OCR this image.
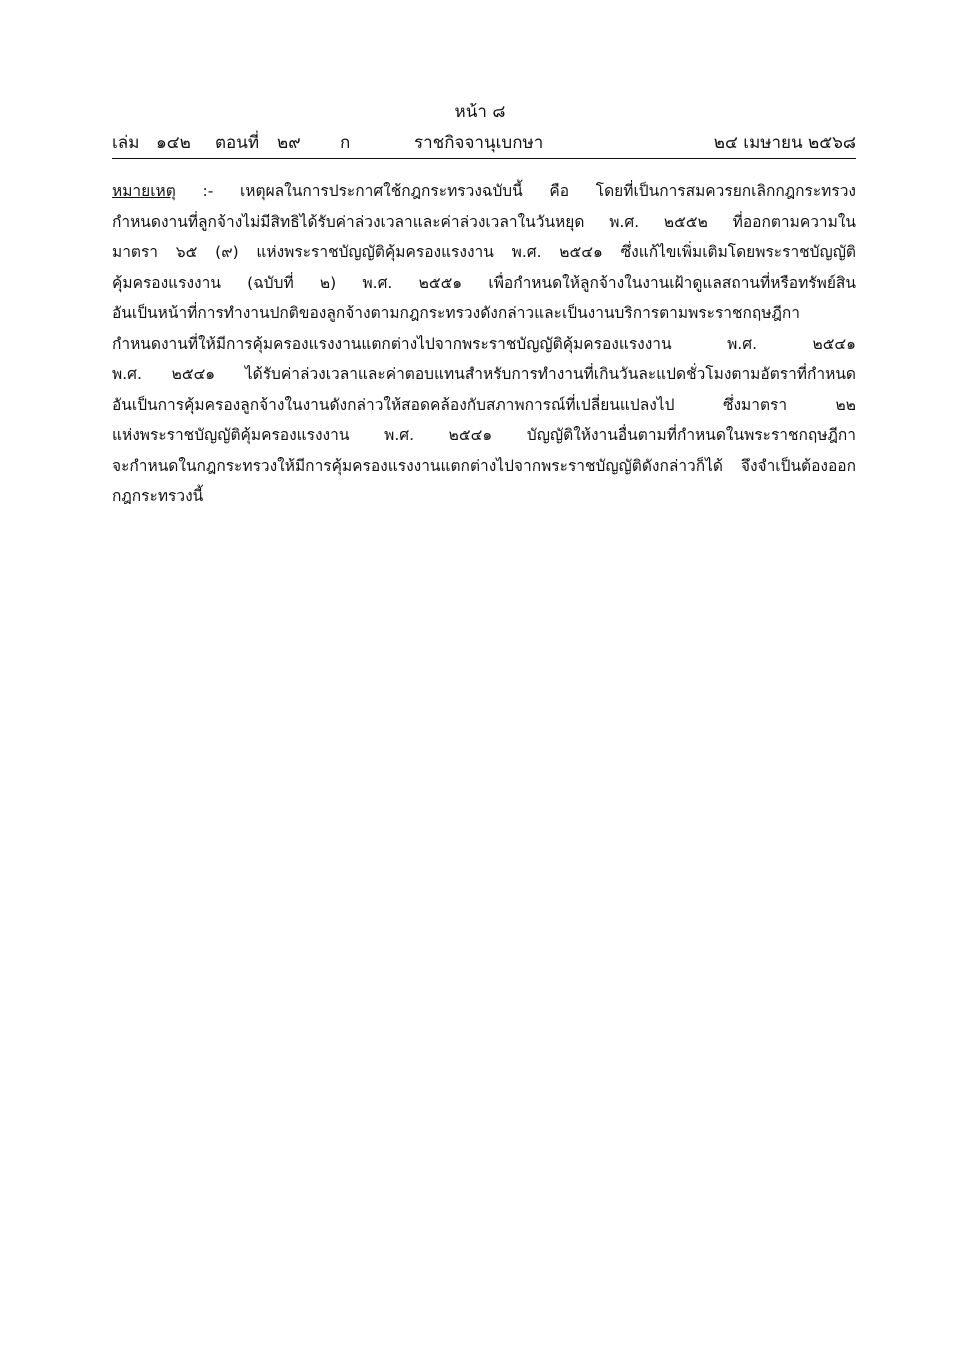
หน้า ๘
เล่ม ๑๔๒ ตอนที่ ๒๙ ก	ราชกิจจานุเบกษา	๒๔ เมษายน ๒๕๖๘
หมายเหตุ :- เหตุผลในการประกาศใช้กฎกระทรวงฉบับนี้ คือ โดยที่เป็นการสมควรยกเลิกกฎกระทรวง
กำหนดงานที่ลูกจ้างไม่มีสิทธิได้รับค่าล่วงเวลาและค่าล่วงเวลาในวันหยุด พ.ศ. ๒๕๕๒ ที่ออกตามความใน
มาตรา ๖๕ (๙) แห่งพระราชบัญญัติคุ้มครองแรงงาน พ.ศ. ๒๕๔๑ ซึ่งแก้ไขเพิ่มเติมโดยพระราชบัญญัติ
คุ้มครองแรงงาน (ฉบับที่ ๒) พ.ศ. ๒๕๕๑ เพื่อกำหนดให้ลูกจ้างในงานเฝ้าดูแลสถานที่หรือทรัพย์สิน
อันเป็นหน้าที่การทำงานปกติของลูกจ้างตามกฎกระทรวงดังกล่าวและเป็นงานบริการตามพระราชกฤษฎีกา
กำหนดงานที่ให้มีการคุ้มครองแรงงานแตกต่างไปจากพระราชบัญญัติคุ้มครองแรงงาน พ.ศ. ๒๕๔๑
พ.ศ. ๒๕๔๑ ได้รับค่าล่วงเวลาและค่าตอบแทนสำหรับการทำงานที่เกินวันละแปดชั่วโมงตามอัตราที่กำหนด
อันเป็นการคุ้มครองลูกจ้างในงานดังกล่าวให้สอดคล้องกับสภาพการณ์ที่เปลี่ยนแปลงไป ซึ่งมาตรา ๒๒
แห่งพระราชบัญญัติคุ้มครองแรงงาน พ.ศ. ๒๕๔๑ บัญญัติให้งานอื่นตามที่กำหนดในพระราชกฤษฎีกา
จะกำหนดในกฎกระทรวงให้มีการคุ้มครองแรงงานแตกต่างไปจากพระราชบัญญัติดังกล่าวก็ได้ จึงจำเป็นต้องออก
กฎกระทรวงนี้
